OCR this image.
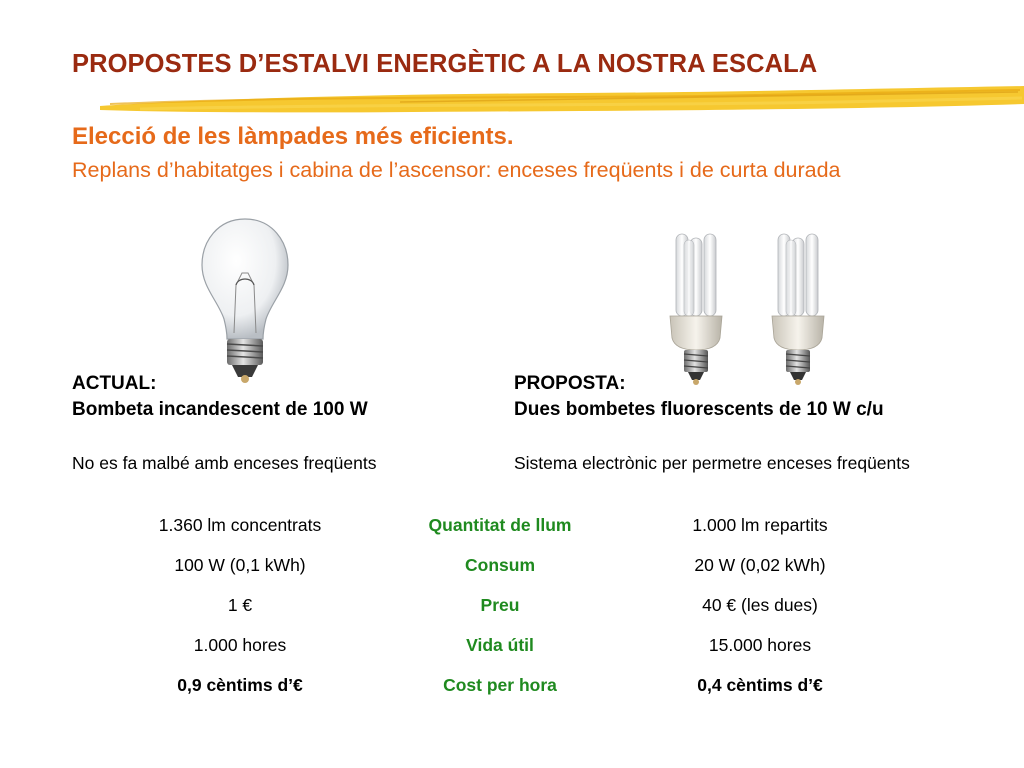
PROPOSTES D’ESTALVI ENERGÈTIC A LA NOSTRA ESCALA
Elecció de les làmpades més eficients.

Replans d’habitatges i cabina de l’ascensor: enceses freqüents i de curta durada

ACTUAL:
Bombeta incandescent de 100 W
No es fa malbé amb enceses freqüents
PROPOSTA:
Dues bombetes fluorescents de 10 W c/u
Sistema electrònic per permetre enceses freqüents
1.360 lm concentrats	Quantitat de llum	1.000 lm repartits
100 W (0,1 kWh)	Consum	20 W (0,02 kWh)
1 €	Preu	40 € (les dues)
1.000 hores	Vida útil	15.000 hores
0,9 cèntims d’€	Cost per hora	0,4 cèntims d’€
